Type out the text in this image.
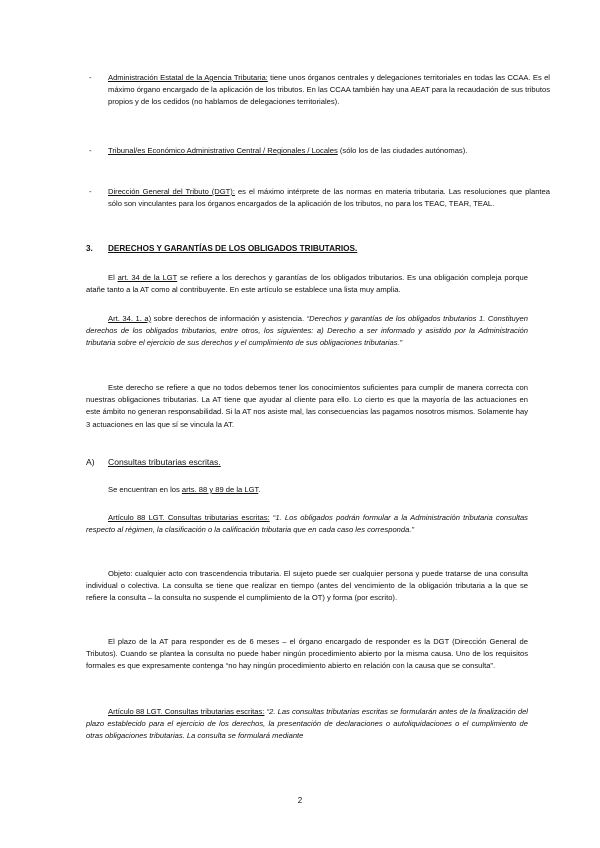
- Administración Estatal de la Agencia Tributaria: tiene unos órganos centrales y delegaciones territoriales en todas las CCAA. Es el máximo órgano encargado de la aplicación de los tributos. En las CCAA también hay una AEAT para la recaudación de sus tributos propios y de los cedidos (no hablamos de delegaciones territoriales).
- Tribunal/es Económico Administrativo Central / Regionales / Locales (sólo los de las ciudades autónomas).
- Dirección General del Tributo (DGT): es el máximo intérprete de las normas en materia tributaria. Las resoluciones que plantea sólo son vinculantes para los órganos encargados de la aplicación de los tributos, no para los TEAC, TEAR, TEAL.
3. DERECHOS Y GARANTÍAS DE LOS OBLIGADOS TRIBUTARIOS.
El art. 34 de la LGT se refiere a los derechos y garantías de los obligados tributarios. Es una obligación compleja porque atañe tanto a la AT como al contribuyente. En este artículo se establece una lista muy amplia.
Art. 34. 1. a) sobre derechos de información y asistencia. “Derechos y garantías de los obligados tributarios 1. Constituyen derechos de los obligados tributarios, entre otros, los siguientes: a) Derecho a ser informado y asistido por la Administración tributaria sobre el ejercicio de sus derechos y el cumplimiento de sus obligaciones tributarias.”
Este derecho se refiere a que no todos debemos tener los conocimientos suficientes para cumplir de manera correcta con nuestras obligaciones tributarias. La AT tiene que ayudar al cliente para ello. Lo cierto es que la mayoría de las actuaciones en este ámbito no generan responsabilidad. Si la AT nos asiste mal, las consecuencias las pagamos nosotros mismos. Solamente hay 3 actuaciones en las que sí se vincula la AT.
A) Consultas tributarias escritas.
Se encuentran en los arts. 88 y 89 de la LGT.
Artículo 88 LGT. Consultas tributarias escritas: “1. Los obligados podrán formular a la Administración tributaria consultas respecto al régimen, la clasificación o la calificación tributaria que en cada caso les corresponda.”
Objeto: cualquier acto con trascendencia tributaria. El sujeto puede ser cualquier persona y puede tratarse de una consulta individual o colectiva. La consulta se tiene que realizar en tiempo (antes del vencimiento de la obligación tributaria a la que se refiere la consulta – la consulta no suspende el cumplimiento de la OT) y forma (por escrito).
El plazo de la AT para responder es de 6 meses – el órgano encargado de responder es la DGT (Dirección General de Tributos). Cuando se plantea la consulta no puede haber ningún procedimiento abierto por la misma causa. Uno de los requisitos formales es que expresamente contenga “no hay ningún procedimiento abierto en relación con la causa que se consulta”.
Artículo 88 LGT. Consultas tributarias escritas: “2. Las consultas tributarias escritas se formularán antes de la finalización del plazo establecido para el ejercicio de los derechos, la presentación de declaraciones o autoliquidaciones o el cumplimiento de otras obligaciones tributarias. La consulta se formulará mediante
2
